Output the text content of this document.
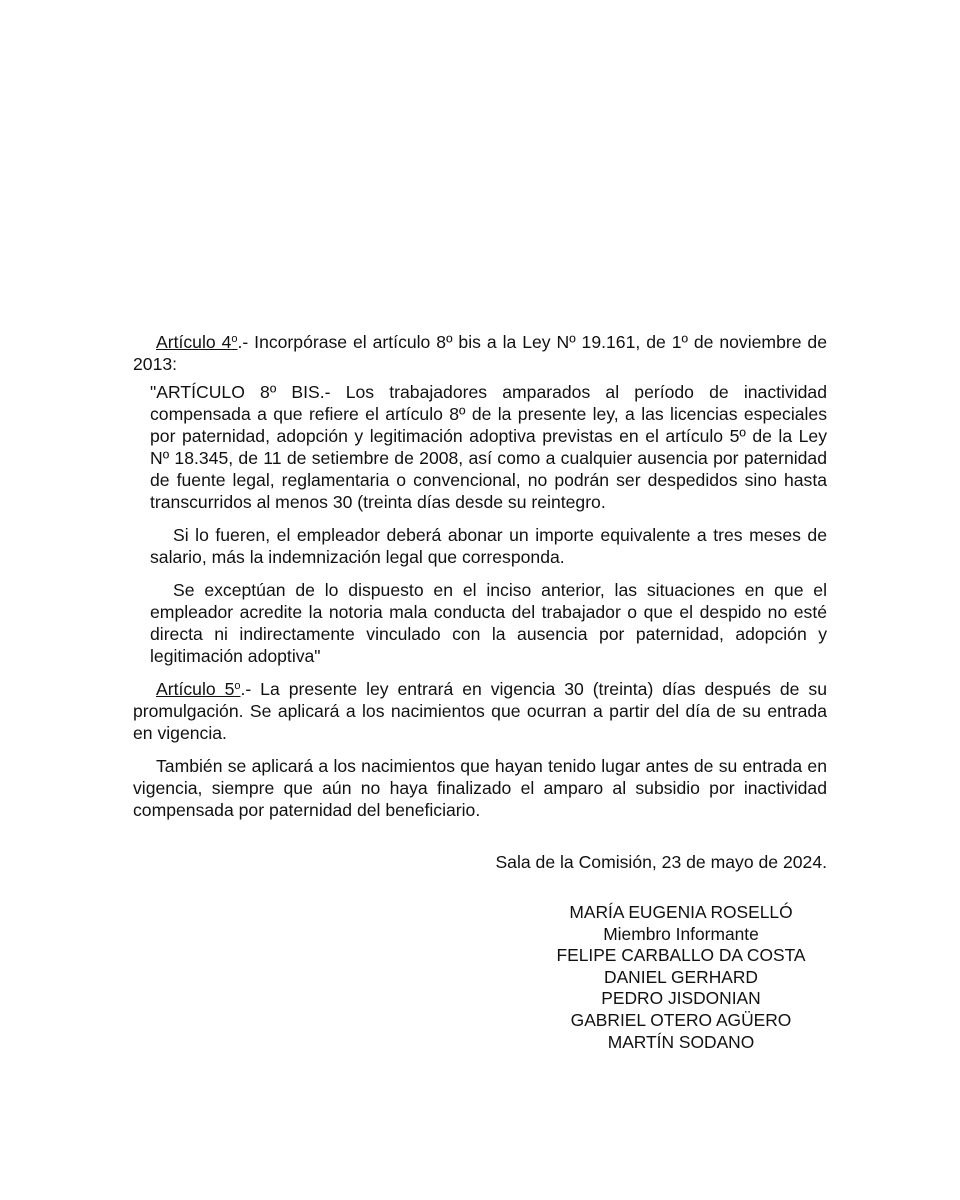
Artículo 4$^o$.- Incorpórase el artículo 8º bis a la Ley Nº 19.161, de 1º de noviembre de 2013:

"ARTÍCULO 8º BIS.- Los trabajadores amparados al período de inactividad compensada a que refiere el artículo 8º de la presente ley, a las licencias especiales por paternidad, adopción y legitimación adoptiva previstas en el artículo 5º de la Ley Nº 18.345, de 11 de setiembre de 2008, así como a cualquier ausencia por paternidad de fuente legal, reglamentaria o convencional, no podrán ser despedidos sino hasta transcurridos al menos 30 (treinta días desde su reintegro.

Si lo fueren, el empleador deberá abonar un importe equivalente a tres meses de salario, más la indemnización legal que corresponda.

Se exceptúan de lo dispuesto en el inciso anterior, las situaciones en que el empleador acredite la notoria mala conducta del trabajador o que el despido no esté directa ni indirectamente vinculado con la ausencia por paternidad, adopción y legitimación adoptiva"

Artículo 5$^o$.- La presente ley entrará en vigencia 30 (treinta) días después de su promulgación. Se aplicará a los nacimientos que ocurran a partir del día de su entrada en vigencia.

También se aplicará a los nacimientos que hayan tenido lugar antes de su entrada en vigencia, siempre que aún no haya finalizado el amparo al subsidio por inactividad compensada por paternidad del beneficiario.

Sala de la Comisión, 23 de mayo de 2024.
MARÍA EUGENIA ROSELLÓ
Miembro Informante
FELIPE CARBALLO DA COSTA
DANIEL GERHARD
PEDRO JISDONIAN
GABRIEL OTERO AGÜERO
MARTÍN SODANO
